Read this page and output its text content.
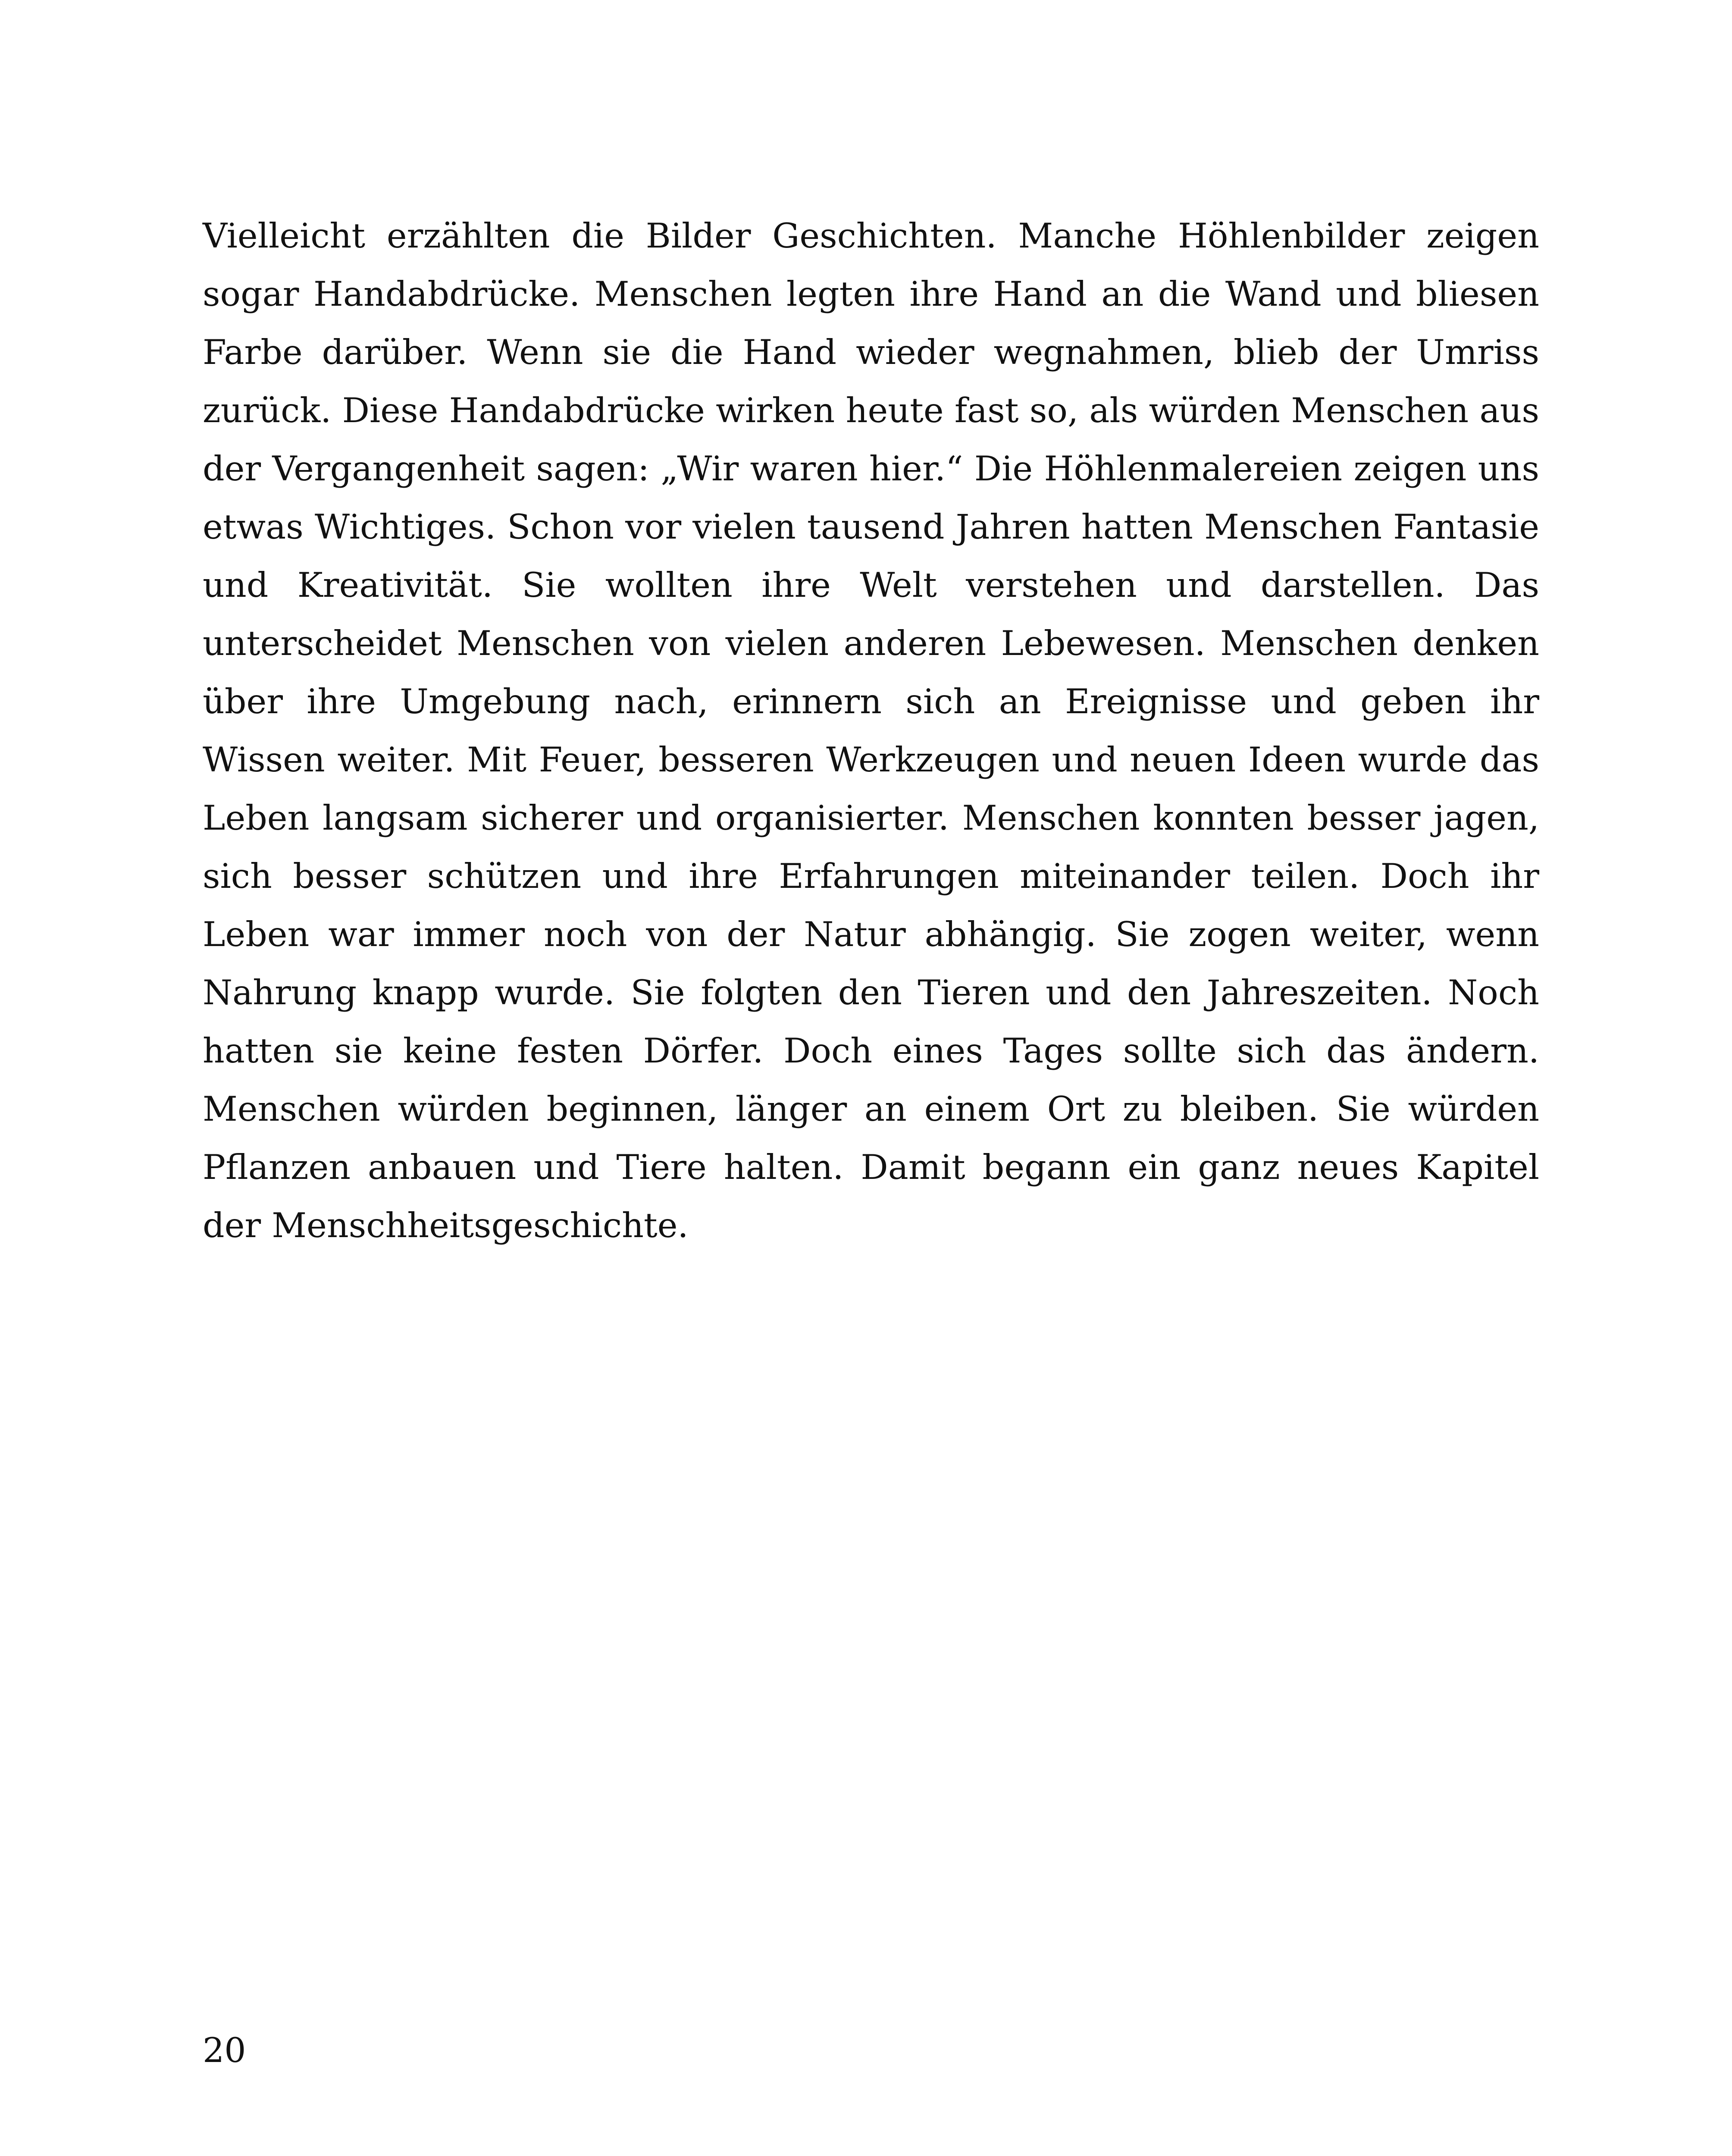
Vielleicht erzählten die Bilder Geschichten. Manche Höhlenbilder zeigen sogar Handabdrücke. Menschen legten ihre Hand an die Wand und bliesen Farbe darüber. Wenn sie die Hand wieder wegnahmen, blieb der Umriss zurück. Diese Handabdrücke wirken heute fast so, als würden Menschen aus der Vergangenheit sagen: „Wir waren hier.“ Die Höhlenmalereien zeigen uns etwas Wichtiges. Schon vor vielen tausend Jahren hatten Menschen Fantasie und Kreativität. Sie wollten ihre Welt verstehen und darstellen. Das unterscheidet Menschen von vielen anderen Lebewesen. Menschen denken über ihre Umgebung nach, erinnern sich an Ereignisse und geben ihr Wissen weiter. Mit Feuer, besseren Werkzeugen und neuen Ideen wurde das Leben langsam sicherer und organisierter. Menschen konnten besser jagen, sich besser schützen und ihre Erfahrungen miteinander teilen. Doch ihr Leben war immer noch von der Natur abhängig. Sie zogen weiter, wenn Nahrung knapp wurde. Sie folgten den Tieren und den Jahreszeiten. Noch hatten sie keine festen Dörfer. Doch eines Tages sollte sich das ändern. Menschen würden beginnen, länger an einem Ort zu bleiben. Sie würden Pflanzen anbauen und Tiere halten. Damit begann ein ganz neues Kapitel der Menschheitsgeschichte.

20
